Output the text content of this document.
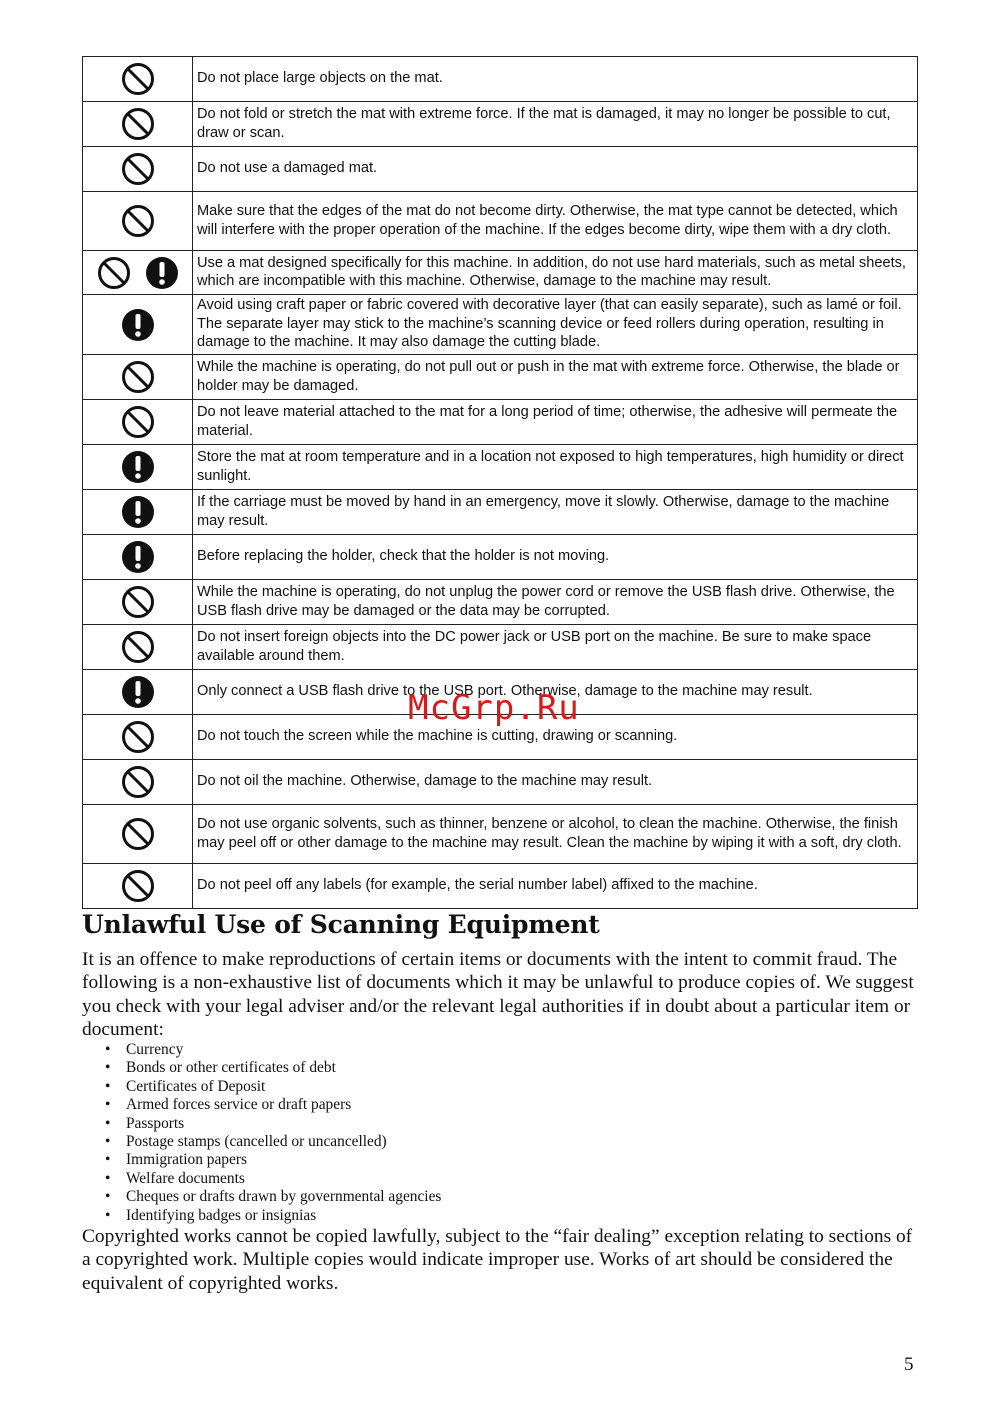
	Do not place large objects on the mat.
	Do not fold or stretch the mat with extreme force. If the mat is damaged, it may no longer be possible to cut, draw or scan.
	Do not use a damaged mat.
	Make sure that the edges of the mat do not become dirty. Otherwise, the mat type cannot be detected, which will interfere with the proper operation of the machine. If the edges become dirty, wipe them with a dry cloth.
	Use a mat designed specifically for this machine. In addition, do not use hard materials, such as metal sheets, which are incompatible with this machine. Otherwise, damage to the machine may result.
	Avoid using craft paper or fabric covered with decorative layer (that can easily separate), such as lamé or foil. The separate layer may stick to the machine’s scanning device or feed rollers during operation, resulting in damage to the machine. It may also damage the cutting blade.
	While the machine is operating, do not pull out or push in the mat with extreme force. Otherwise, the blade or holder may be damaged.
	Do not leave material attached to the mat for a long period of time; otherwise, the adhesive will permeate the material.
	Store the mat at room temperature and in a location not exposed to high temperatures, high humidity or direct sunlight.
	If the carriage must be moved by hand in an emergency, move it slowly. Otherwise, damage to the machine may result.
	Before replacing the holder, check that the holder is not moving.
	While the machine is operating, do not unplug the power cord or remove the USB flash drive. Otherwise, the USB flash drive may be damaged or the data may be corrupted.
	Do not insert foreign objects into the DC power jack or USB port on the machine. Be sure to make space available around them.
	Only connect a USB flash drive to the USB port. Otherwise, damage to the machine may result.
	Do not touch the screen while the machine is cutting, drawing or scanning.
	Do not oil the machine. Otherwise, damage to the machine may result.
	Do not use organic solvents, such as thinner, benzene or alcohol, to clean the machine. Otherwise, the finish may peel off or other damage to the machine may result. Clean the machine by wiping it with a soft, dry cloth.
	Do not peel off any labels (for example, the serial number label) affixed to the machine.
Unlawful Use of Scanning Equipment

It is an offence to make reproductions of certain items or documents with the intent to commit fraud. The following is a non-exhaustive list of documents which it may be unlawful to produce copies of. We suggest you check with your legal adviser and/or the relevant legal authorities if in doubt about a particular item or document:

• Currency
• Bonds or other certificates of debt
• Certificates of Deposit
• Armed forces service or draft papers
• Passports
• Postage stamps (cancelled or uncancelled)
• Immigration papers
• Welfare documents
• Cheques or drafts drawn by governmental agencies
• Identifying badges or insignias

Copyrighted works cannot be copied lawfully, subject to the “fair dealing” exception relating to sections of a copyrighted work. Multiple copies would indicate improper use. Works of art should be considered the equivalent of copyrighted works.

McGrp.Ru
5
